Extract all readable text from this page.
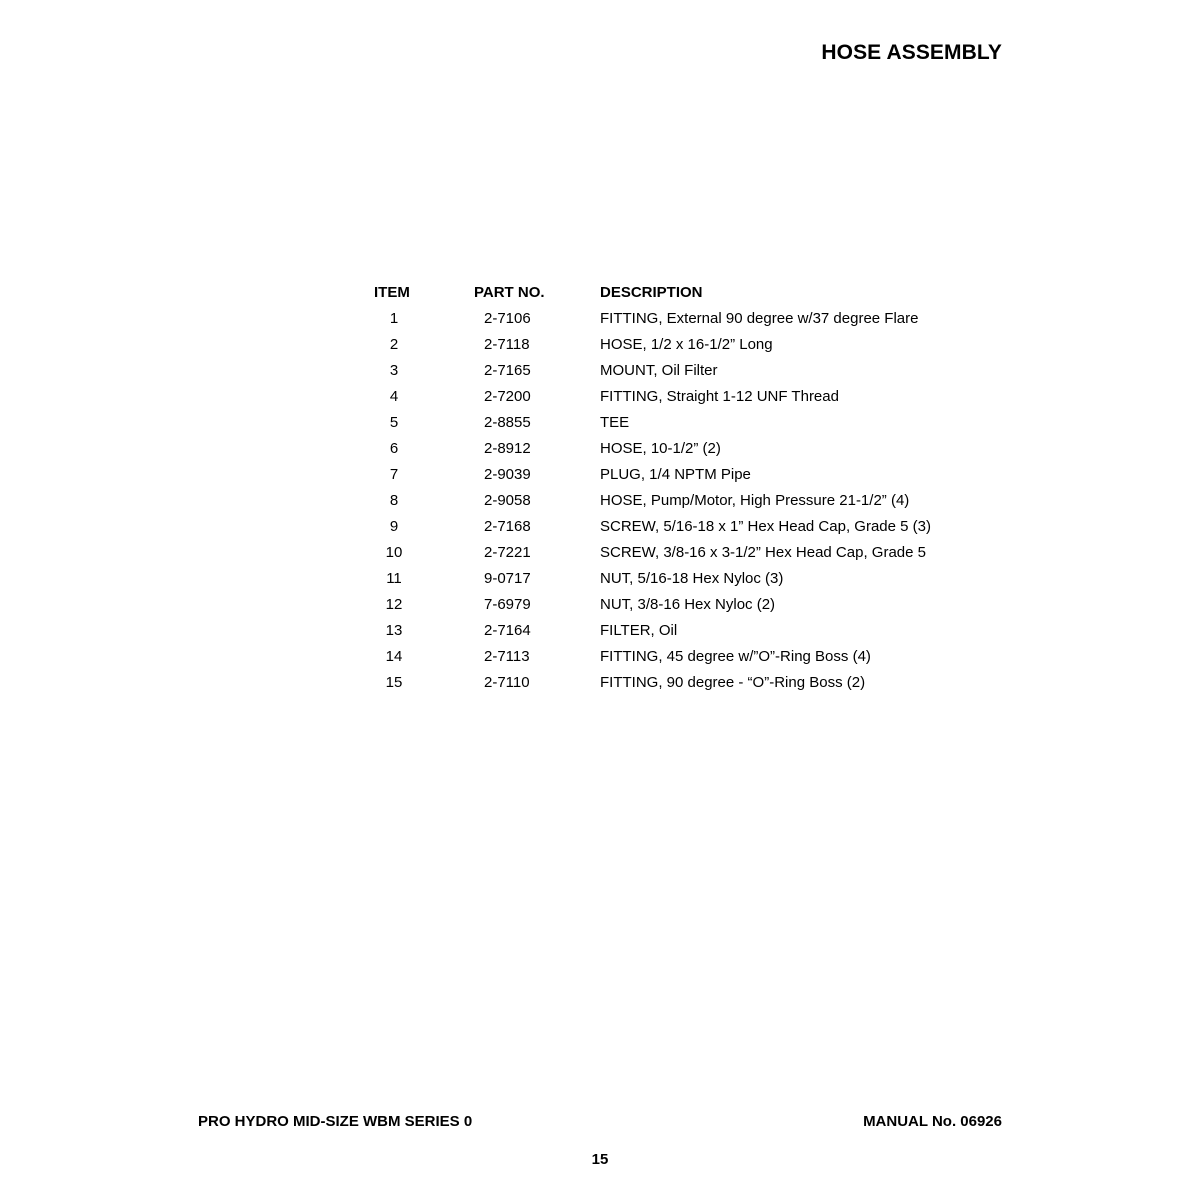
HOSE ASSEMBLY
ITEM	PART NO.	DESCRIPTION
1	2-7106	FITTING, External 90 degree w/37 degree Flare
2	2-7118	HOSE, 1/2 x 16-1/2” Long
3	2-7165	MOUNT, Oil Filter
4	2-7200	FITTING, Straight 1-12 UNF Thread
5	2-8855	TEE
6	2-8912	HOSE, 10-1/2” (2)
7	2-9039	PLUG, 1/4 NPTM Pipe
8	2-9058	HOSE, Pump/Motor, High Pressure 21-1/2” (4)
9	2-7168	SCREW, 5/16-18 x 1” Hex Head Cap, Grade 5 (3)
10	2-7221	SCREW, 3/8-16 x 3-1/2” Hex Head Cap, Grade 5
11	9-0717	NUT, 5/16-18 Hex Nyloc (3)
12	7-6979	NUT, 3/8-16 Hex Nyloc (2)
13	2-7164	FILTER, Oil
14	2-7113	FITTING, 45 degree w/”O”-Ring Boss (4)
15	2-7110	FITTING, 90 degree - “O”-Ring Boss (2)
PRO HYDRO MID-SIZE WBM SERIES 0	MANUAL No. 06926
15
